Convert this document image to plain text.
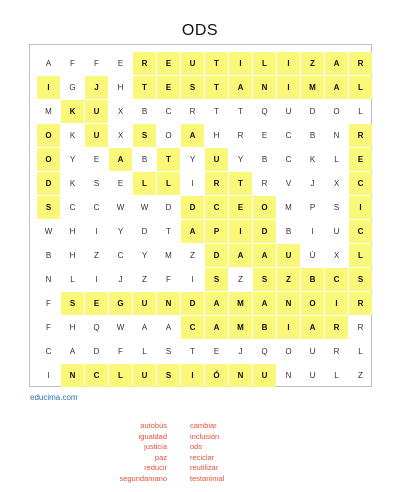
ODS
A	F	F	E	R	E	U	T	I	L	I	Z	A	R
I	G	J	H	T	E	S	T	A	N	I	M	A	L
M	K	U	X	B	C	R	T	T	Q	U	D	O	L
O	K	U	X	S	O	A	H	R	E	C	B	N	R
O	Y	E	A	B	T	Y	U	Y	B	C	K	L	E
D	K	S	E	L	L	I	R	T	R	V	J	X	C
S	C	C	W	W	D	D	C	E	O	M	P	S	I
W	H	I	Y	D	T	A	P	I	D	B	I	U	C
B	H	Z	C	Y	M	Z	D	A	A	U	Ú	X	L
N	L	I	J	Z	F	I	S	Z	S	Z	B	C	S
F	S	E	G	U	N	D	A	M	A	N	O	I	R
F	H	Q	W	A	A	C	A	M	B	I	A	R	R
C	A	D	F	L	S	T	E	J	Q	O	U	R	L
I	N	C	L	U	S	I	Ó	N	U	N	U	L	Z
educima.com
autobús
igualdad
justicia
paz
reducir
segundamano
cambiar
inclusión
ods
reciclar
reutilizar
testanimal
